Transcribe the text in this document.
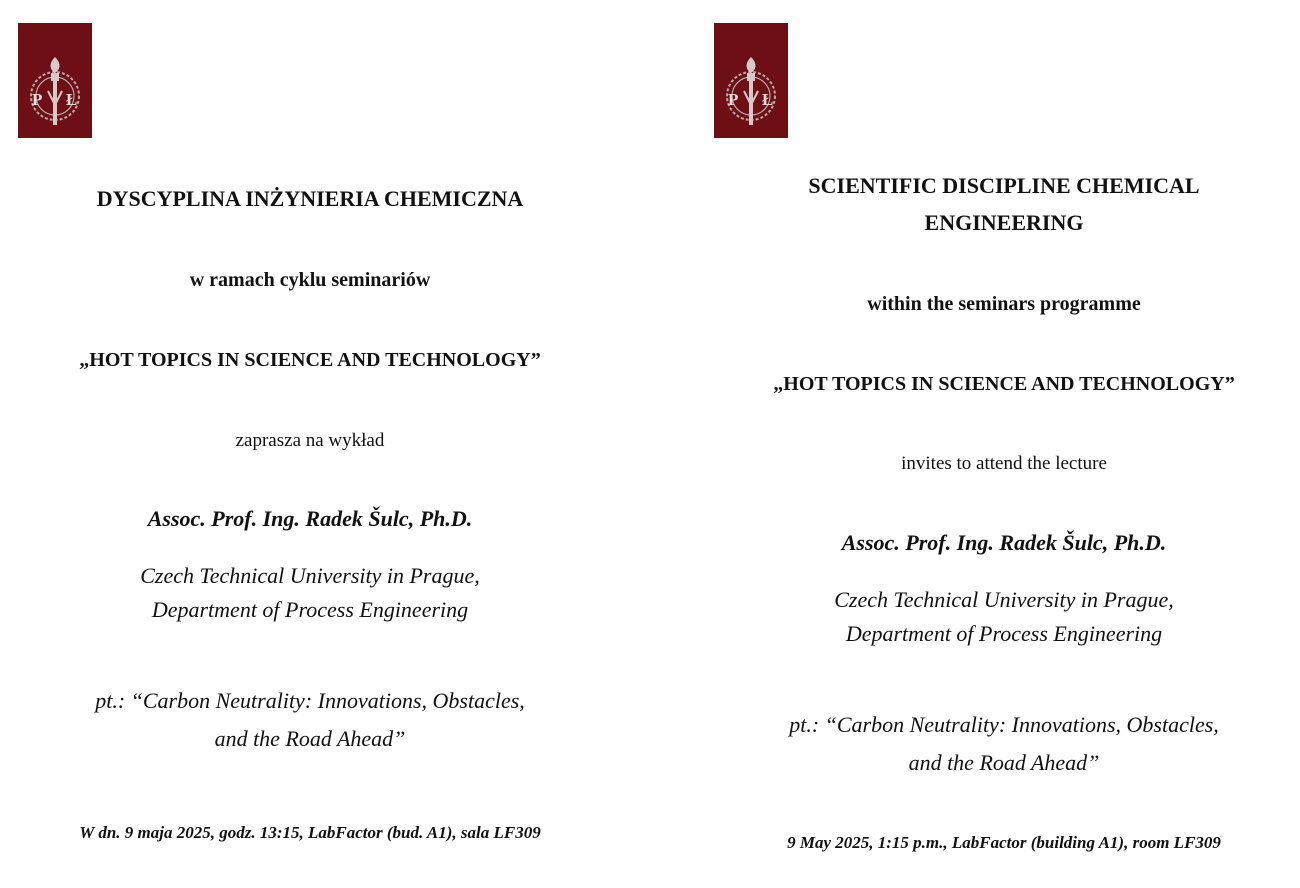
P Ł
DYSCYPLINA INŻYNIERIA CHEMICZNA
w ramach cyklu seminariów
„HOT TOPICS IN SCIENCE AND TECHNOLOGY”
zaprasza na wykład
Assoc. Prof. Ing. Radek Šulc, Ph.D.
Czech Technical University in Prague,
Department of Process Engineering
pt.: “Carbon Neutrality: Innovations, Obstacles,
and the Road Ahead”
W dn. 9 maja 2025, godz. 13:15, LabFactor (bud. A1), sala LF309
P Ł
SCIENTIFIC DISCIPLINE CHEMICAL
ENGINEERING
within the seminars programme
„HOT TOPICS IN SCIENCE AND TECHNOLOGY”
invites to attend the lecture
Assoc. Prof. Ing. Radek Šulc, Ph.D.
Czech Technical University in Prague,
Department of Process Engineering
pt.: “Carbon Neutrality: Innovations, Obstacles,
and the Road Ahead”
9 May 2025, 1:15 p.m., LabFactor (building A1), room LF309
